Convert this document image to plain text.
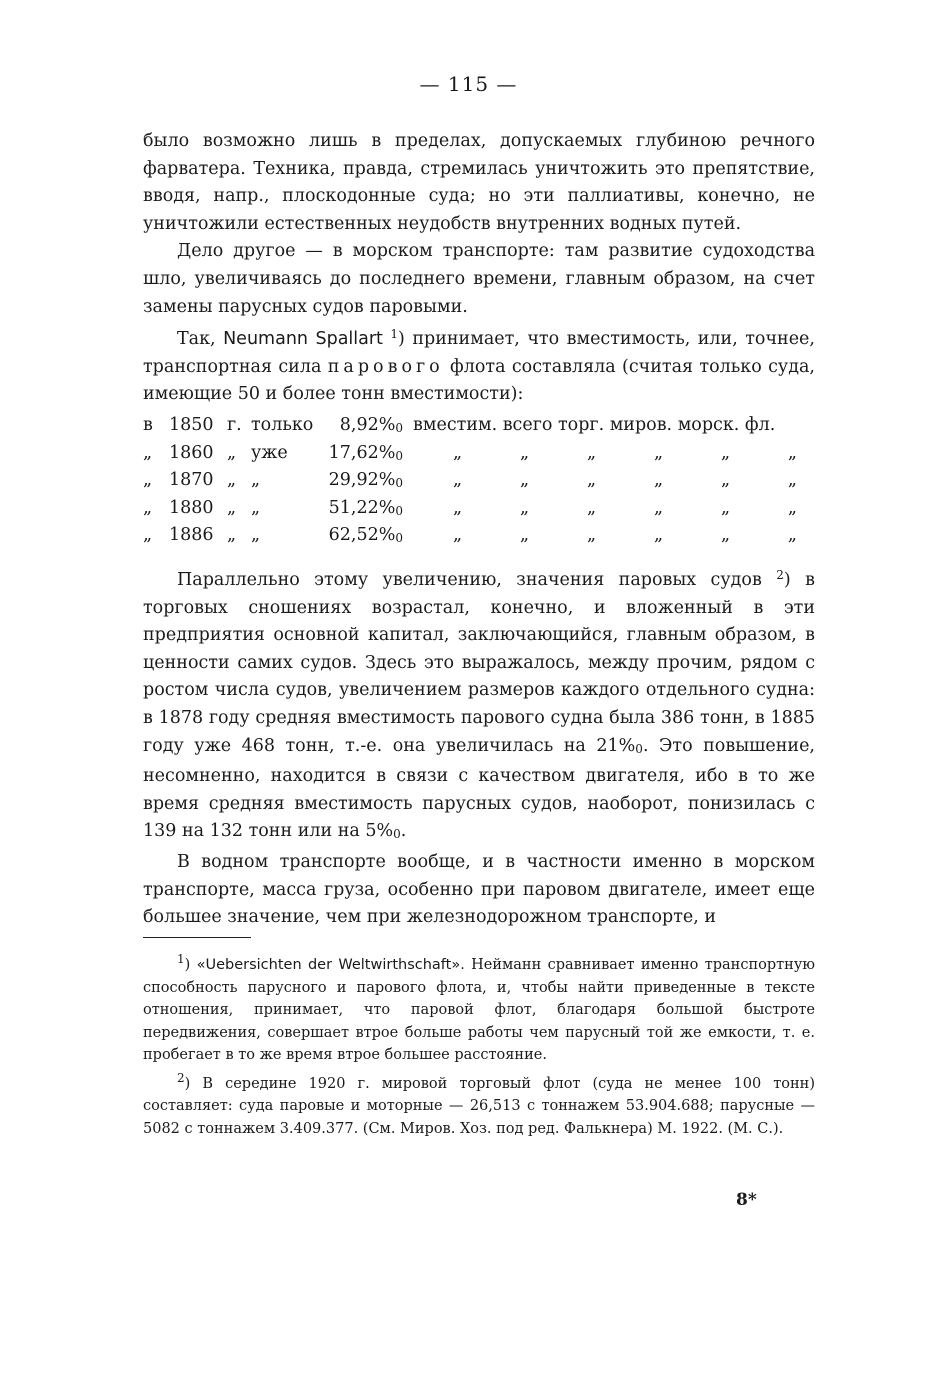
— 115 —

было возможно лишь в пределах, допускаемых глубиною речного фарватера. Техника, правда, стремилась уничтожить это препятствие, вводя, напр., плоскодонные суда; но эти паллиативы, конечно, не уничтожили естественных неудобств внутренних водных путей.

Дело другое — в морском транспорте: там развитие судоходства шло, увеличиваясь до последнего времени, главным образом, на счет замены парусных судов паровыми.

Так, Neumann Spallart $^1$) принимает, что вместимость, или, точнее, транспортная сила парового флота составляла (считая только суда, имеющие 50 и более тонн вместимости):

в 1850 г. только	8,92%0 вместим. всего торг. миров. морск. фл.
„ 1860 „ уже	17,62%0	„	„	„	„	„	„
„ 1870 „ „	29,92%0	„	„	„	„	„	„
„ 1880 „ „	51,22%0	„	„	„	„	„	„
„ 1886 „ „	62,52%0	„	„	„	„	„	„

Параллельно этому увеличению, значения паровых судов $^2$) в торговых сношениях возрастал, конечно, и вложенный в эти предприятия основной капитал, заключающийся, главным образом, в ценности самих судов. Здесь это выражалось, между прочим, рядом с ростом числа судов, увеличением размеров каждого отдельного судна: в 1878 году средняя вместимость парового судна была 386 тонн, в 1885 году уже 468 тонн, т.-е. она увеличилась на 21%0. Это повышение, несомненно, находится в связи с качеством двигателя, ибо в то же время средняя вместимость парусных судов, наоборот, понизилась с 139 на 132 тонн или на 5%0.

В водном транспорте вообще, и в частности именно в морском транспорте, масса груза, особенно при паровом двигателе, имеет еще большее значение, чем при железнодорожном транспорте, и

$^1$) «Uebersichten der Weltwirthschaft». Нейманн сравнивает именно транспортную способность парусного и парового флота, и, чтобы найти приведенные в тексте отношения, принимает, что паровой флот, благодаря большой быстроте передвижения, совершает втрое больше работы чем парусный той же емкости, т. е. пробегает в то же время втрое большее расстояние.

$^2$) В середине 1920 г. мировой торговый флот (суда не менее 100 тонн) составляет: суда паровые и моторные — 26,513 с тоннажем 53.904.688; парусные — 5082 с тоннажем 3.409.377. (См. Миров. Хоз. под ред. Фалькнера) М. 1922. (М. С.).

8*
